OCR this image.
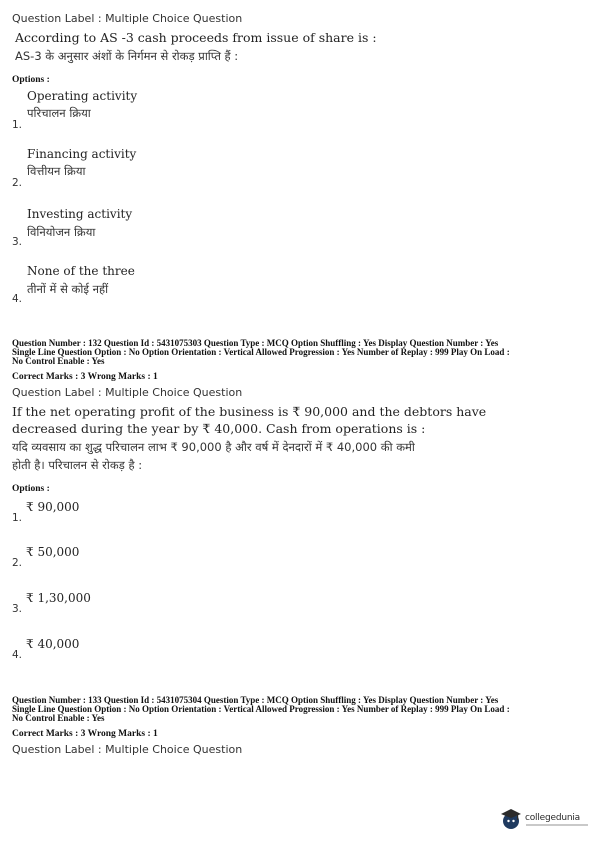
Question Label : Multiple Choice Question
According to AS -3 cash proceeds from issue of share is :
AS-3 के अनुसार अंशों के निर्गमन से रोकड़ प्राप्ति हैं :
Options :
Operating activity
परिचालन क्रिया
1.
Financing activity
वित्तीयन क्रिया
2.
Investing activity
विनियोजन क्रिया
3.
None of the three
तीनों में से कोई नहीं
4.
Question Number : 132 Question Id : 5431075303 Question Type : MCQ Option Shuffling : Yes Display Question Number : Yes
Single Line Question Option : No Option Orientation : Vertical Allowed Progression : Yes Number of Replay : 999 Play On Load :
No Control Enable : Yes
Correct Marks : 3 Wrong Marks : 1
Question Label : Multiple Choice Question
If the net operating profit of the business is ₹ 90,000 and the debtors have
decreased during the year by ₹ 40,000. Cash from operations is :
यदि व्यवसाय का शुद्ध परिचालन लाभ ₹ 90,000 है और वर्ष में देनदारों में ₹ 40,000 की कमी
होती है। परिचालन से रोकड़ है :
Options :
₹ 90,000
1.
₹ 50,000
2.
₹ 1,30,000
3.
₹ 40,000
4.
Question Number : 133 Question Id : 5431075304 Question Type : MCQ Option Shuffling : Yes Display Question Number : Yes
Single Line Question Option : No Option Orientation : Vertical Allowed Progression : Yes Number of Replay : 999 Play On Load :
No Control Enable : Yes
Correct Marks : 3 Wrong Marks : 1
Question Label : Multiple Choice Question
collegedunia
